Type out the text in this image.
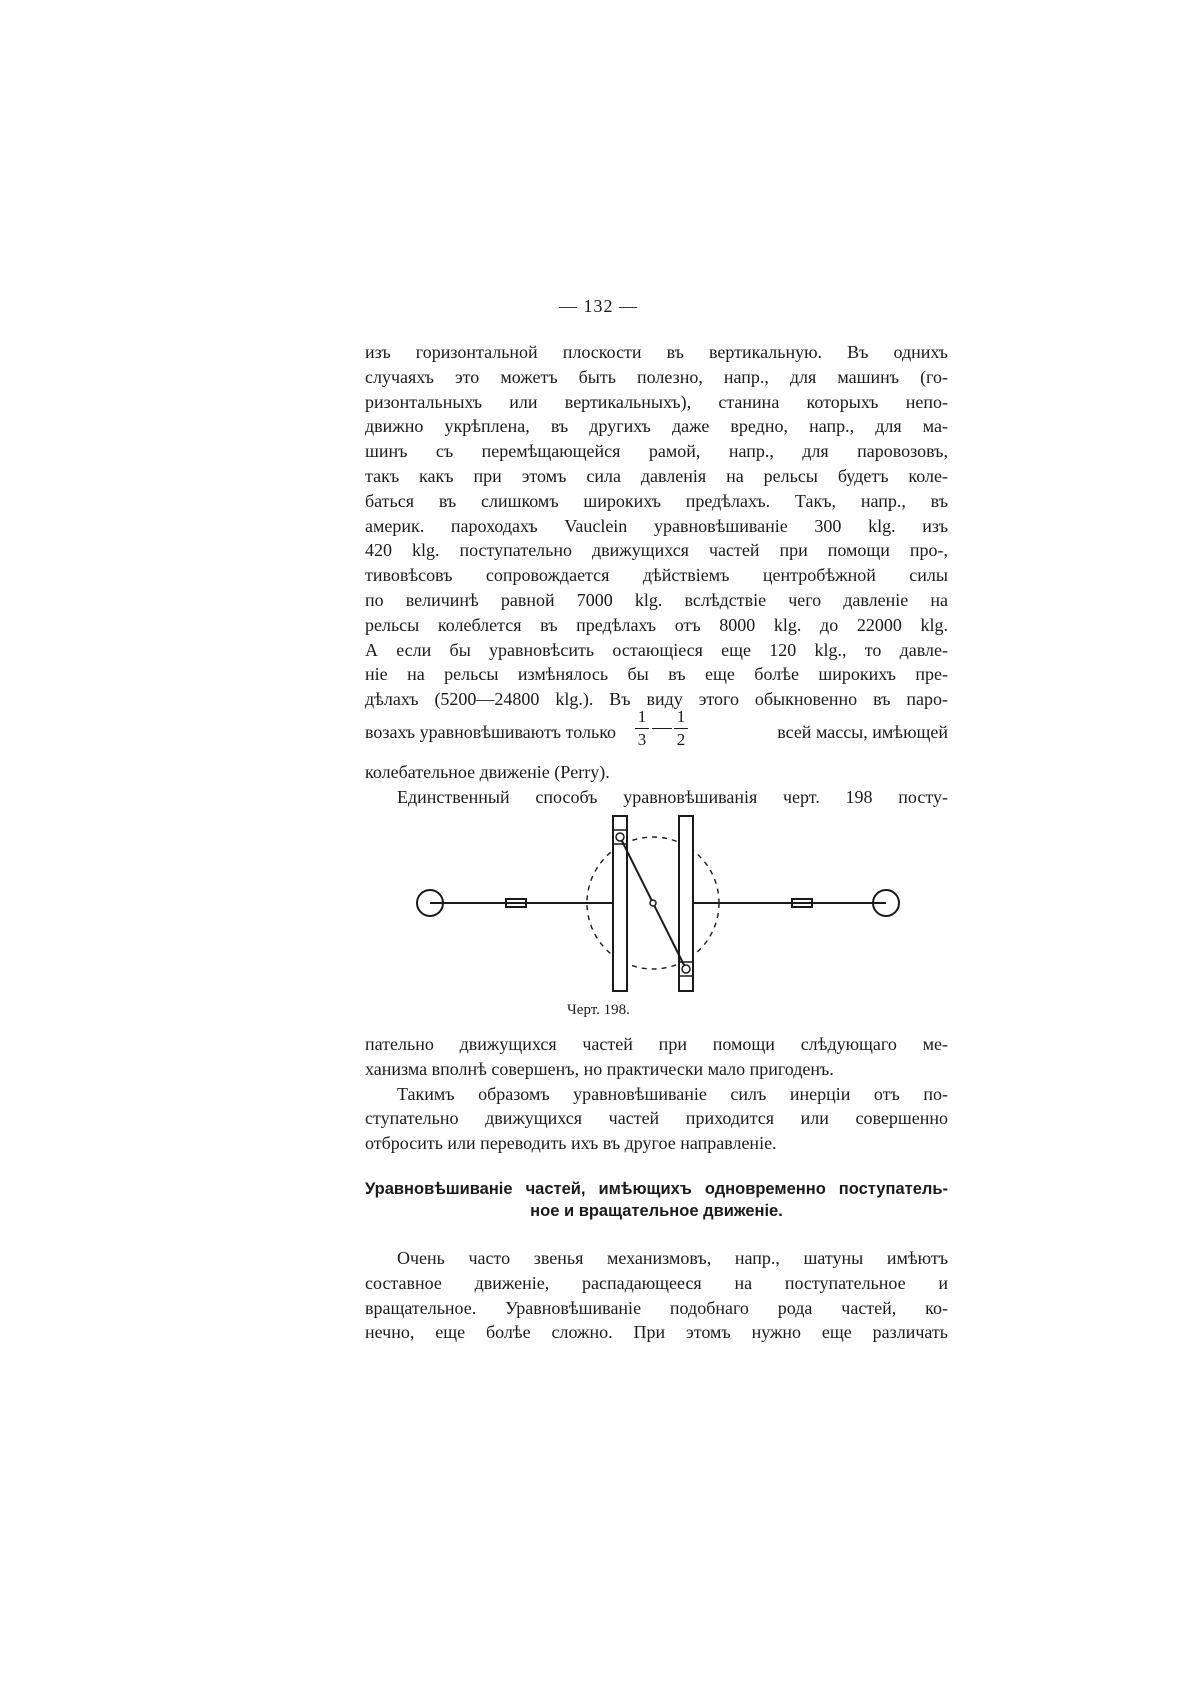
— 132 —
изъ горизонтальной плоскости въ вертикальную. Въ однихъ
случаяхъ это можетъ быть полезно, напр., для машинъ (го-
ризонтальныхъ или вертикальныхъ), станина которыхъ непо-
движно укрѣплена, въ другихъ даже вредно, напр., для ма-
шинъ съ перемѣщающейся рамой, напр., для паровозовъ,
такъ какъ при этомъ сила давленія на рельсы будетъ коле-
баться въ слишкомъ широкихъ предѣлахъ. Такъ, напр., въ
америк. пароходахъ Vauclein уравновѣшиваніе 300 klg. изъ
420 klg. поступательно движущихся частей при помощи про-,
тивовѣсовъ сопровождается дѣйствіемъ центробѣжной силы
по величинѣ равной 7000 klg. вслѣдствіе чего давленіе на
рельсы колеблется въ предѣлахъ отъ 8000 klg. до 22000 klg.
А если бы уравновѣсить остающіеся еще 120 klg., то давле-
ніе на рельсы измѣнялось бы въ еще болѣе широкихъ пре-
дѣлахъ (5200—24800 klg.). Въ виду этого обыкновенно въ паро-
возахъ уравновѣшиваютъ только $\frac{1}{3} \frac{1}{2}$	всей массы, имѣющей
колебательное движеніе (Perry).
Единственный способъ уравновѣшиванія черт. 198 посту-
Черт. 198.
пательно движущихся частей при помощи слѣдующаго ме-
ханизма вполнѣ совершенъ, но практически мало пригоденъ.
Такимъ образомъ уравновѣшиваніе силъ инерціи отъ по-
ступательно движущихся частей приходится или совершенно
отбросить или переводить ихъ въ другое направленіе.
Уравновѣшиваніе частей, имѣющихъ одновременно поступатель-
ное и вращательное движеніе.
Очень часто звенья механизмовъ, напр., шатуны имѣютъ
составное движеніе, распадающееся на поступательное и
вращательное. Уравновѣшиваніе подобнаго рода частей, ко-
нечно, еще болѣе сложно. При этомъ нужно еще различать
